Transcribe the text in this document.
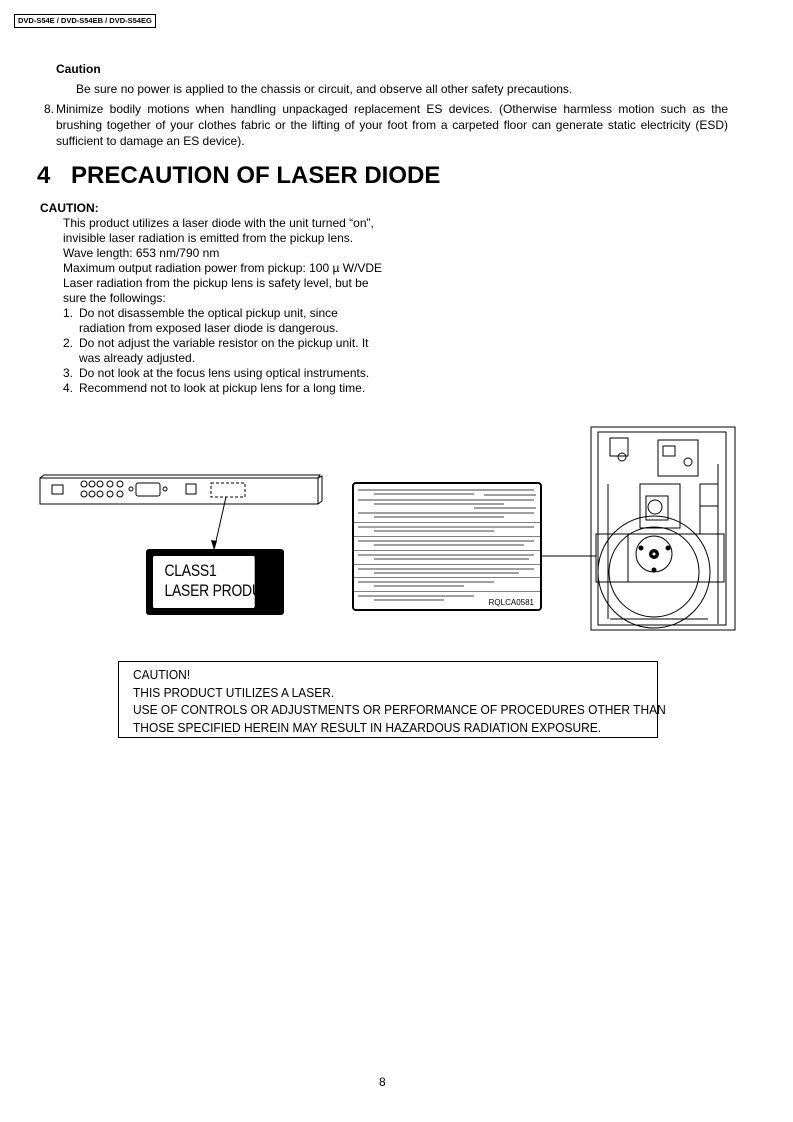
DVD-S54E / DVD-S54EB / DVD-S54EG
Caution
Be sure no power is applied to the chassis or circuit, and observe all other safety precautions.
8. Minimize bodily motions when handling unpackaged replacement ES devices. (Otherwise harmless motion such as the brushing together of your clothes fabric or the lifting of your foot from a carpeted floor can generate static electricity (ESD) sufficient to damage an ES device).
4 PRECAUTION OF LASER DIODE
CAUTION:

This product utilizes a laser diode with the unit turned “on”, invisible laser radiation is emitted from the pickup lens.

Wave length: 653 nm/790 nm

Maximum output radiation power from pickup: 100 µ W/VDE

Laser radiation from the pickup lens is safety level, but be sure the followings:

1. Do not disassemble the optical pickup unit, since radiation from exposed laser diode is dangerous.
2. Do not adjust the variable resistor on the pickup unit. It was already adjusted.
3. Do not look at the focus lens using optical instruments.
4. Recommend not to look at pickup lens for a long time.
CLASS1
LASER PRODUCT
RQLCA0581
CAUTION!
THIS PRODUCT UTILIZES A LASER.
USE OF CONTROLS OR ADJUSTMENTS OR PERFORMANCE OF PROCEDURES OTHER THAN
THOSE SPECIFIED HEREIN MAY RESULT IN HAZARDOUS RADIATION EXPOSURE.
8
